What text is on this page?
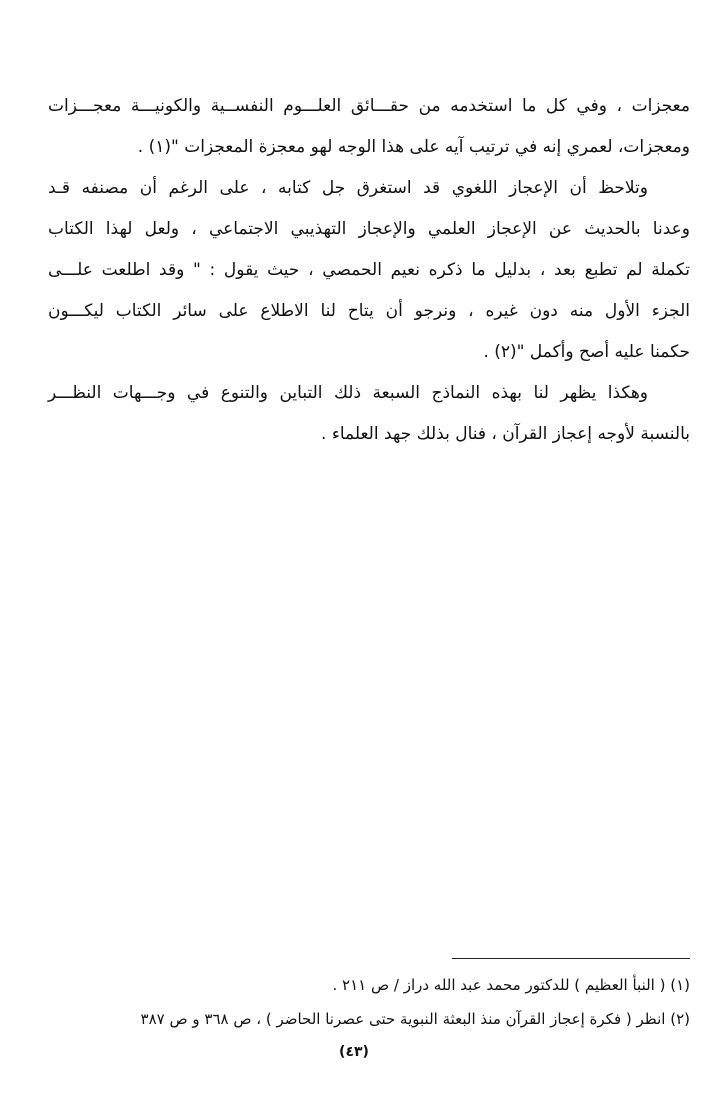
معجزات ، وفي كل ما استخدمه من حقـــائق العلـــوم النفســية والكونيـــة معجـــزات
ومعجزات، لعمري إنه في ترتيب آيه على هذا الوجه لهو معجزة المعجزات "(١) .
وتلاحظ أن الإعجاز اللغوي قد استغرق جل كتابه ، على الرغم أن مصنفه قـد
وعدنا بالحديث عن الإعجاز العلمي والإعجاز التهذيبي الاجتماعي ، ولعل لهذا الكتاب
تكملة لم تطبع بعد ، بدليل ما ذكره نعيم الحمصي ، حيث يقول : " وقد اطلعت علـــى
الجزء الأول منه دون غيره ، ونرجو أن يتاح لنا الاطلاع على سائر الكتاب ليكـــون
حكمنا عليه أصح وأكمل "(٢) .
وهكذا يظهر لنا بهذه النماذج السبعة ذلك التباين والتنوع في وجـــهات النظـــر
بالنسبة لأوجه إعجاز القرآن ، فنال بذلك جهد العلماء .
(١) ( النبأ العظيم ) للدكتور محمد عبد الله دراز / ص ٢١١ .
(٢) انظر ( فكرة إعجاز القرآن منذ البعثة النبوية حتى عصرنا الحاضر ) ، ص ٣٦٨ و ص ٣٨٧
(٤٣)
